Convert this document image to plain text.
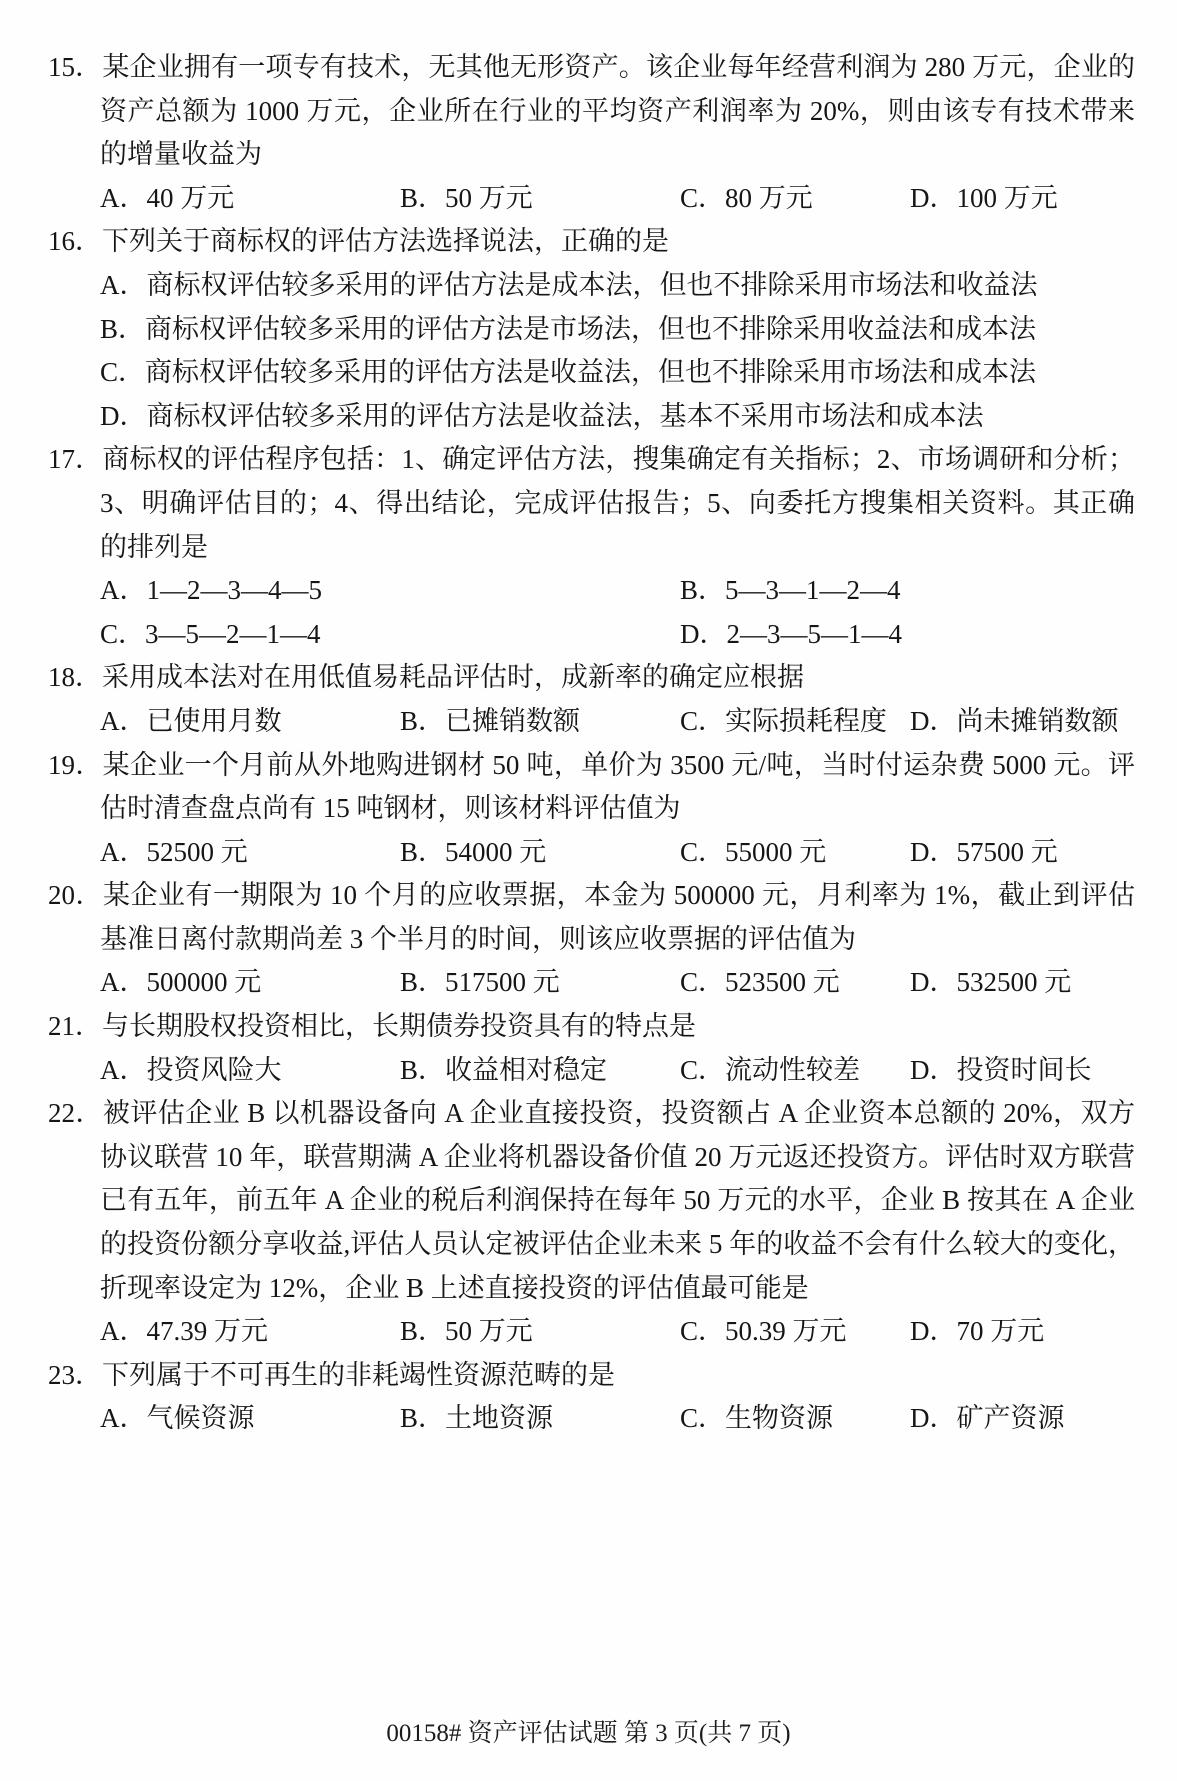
15．某企业拥有一项专有技术，无其他无形资产。该企业每年经营利润为 280 万元，企业的资产总额为 1000 万元，企业所在行业的平均资产利润率为 20%，则由该专有技术带来的增量收益为
A．40 万元	B．50 万元	C．80 万元	D．100 万元
16．下列关于商标权的评估方法选择说法，正确的是
A．商标权评估较多采用的评估方法是成本法，但也不排除采用市场法和收益法
B．商标权评估较多采用的评估方法是市场法，但也不排除采用收益法和成本法
C．商标权评估较多采用的评估方法是收益法，但也不排除采用市场法和成本法
D．商标权评估较多采用的评估方法是收益法，基本不采用市场法和成本法
17．商标权的评估程序包括：1、确定评估方法，搜集确定有关指标；2、市场调研和分析；3、明确评估目的；4、得出结论，完成评估报告；5、向委托方搜集相关资料。其正确的排列是
A．1—2—3—4—5	B．5—3—1—2—4
C．3—5—2—1—4	D．2—3—5—1—4
18．采用成本法对在用低值易耗品评估时，成新率的确定应根据
A．已使用月数	B．已摊销数额	C．实际损耗程度 D．尚未摊销数额
19．某企业一个月前从外地购进钢材 50 吨，单价为 3500 元/吨，当时付运杂费 5000 元。评估时清查盘点尚有 15 吨钢材，则该材料评估值为
A．52500 元	B．54000 元	C．55000 元	D．57500 元
20．某企业有一期限为 10 个月的应收票据，本金为 500000 元，月利率为 1%，截止到评估基准日离付款期尚差 3 个半月的时间，则该应收票据的评估值为
A．500000 元	B．517500 元	C．523500 元	D．532500 元
21．与长期股权投资相比，长期债券投资具有的特点是
A．投资风险大	B．收益相对稳定	C．流动性较差	D．投资时间长
22．被评估企业 B 以机器设备向 A 企业直接投资，投资额占 A 企业资本总额的 20%，双方协议联营 10 年，联营期满 A 企业将机器设备价值 20 万元返还投资方。评估时双方联营已有五年，前五年 A 企业的税后利润保持在每年 50 万元的水平，企业 B 按其在 A 企业的投资份额分享收益,评估人员认定被评估企业未来 5 年的收益不会有什么较大的变化，折现率设定为 12%，企业 B 上述直接投资的评估值最可能是
A．47.39 万元	B．50 万元	C．50.39 万元	D．70 万元
23．下列属于不可再生的非耗竭性资源范畴的是
A．气候资源	B．土地资源	C．生物资源	D．矿产资源
00158# 资产评估试题 第 3 页(共 7 页)
